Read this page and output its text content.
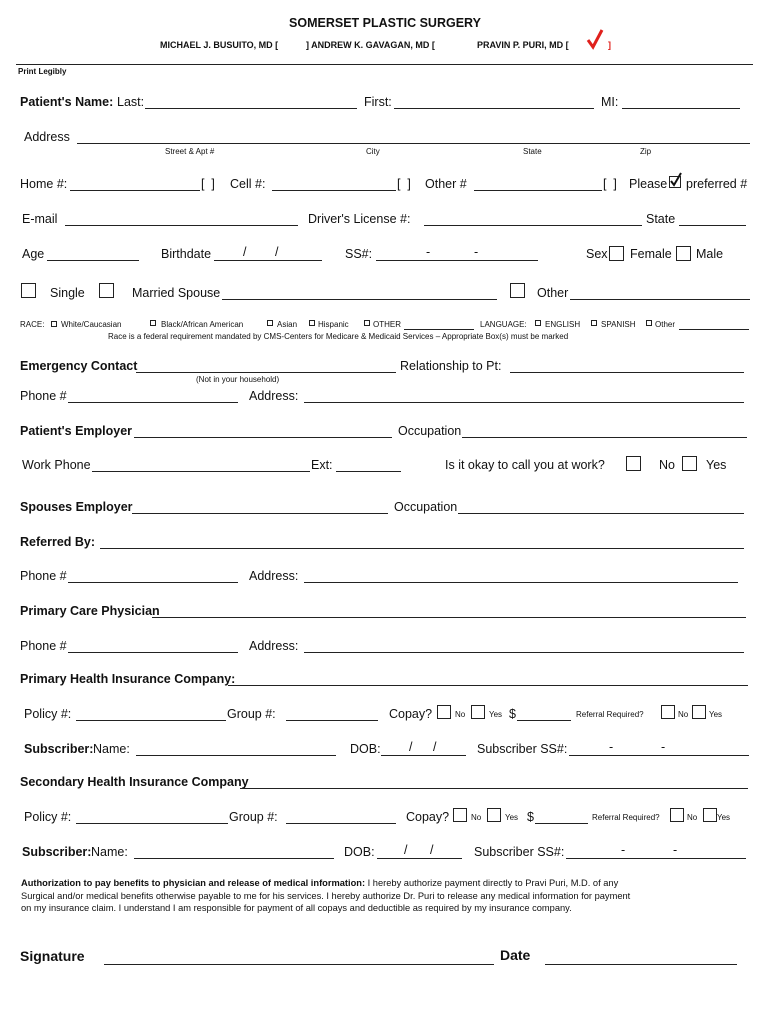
SOMERSET PLASTIC SURGERY
MICHAEL J. BUSUITO, MD [	] ANDREW K. GAVAGAN, MD [	PRAVIN P. PURI, MD [	]
Print Legibly
Patient's Name: Last:	First:	MI:
Address
Street & Apt #	City	State	Zip
Home #:	[  ] Cell #:	[  ] Other #	[  ] Please preferred #
E-mail	Driver's License #:	State
Age	Birthdate	/ /	SS#:	-	-	Sex Female Male
Single	Married Spouse	Other
RACE: White/Caucasian	Black/African American	Asian	Hispanic	OTHER	LANGUAGE: ENGLISH	SPANISH Other
Race is a federal requirement mandated by CMS-Centers for Medicare & Medicaid Services – Appropriate Box(s) must be marked
Emergency Contact	Relationship to Pt:
(Not in your household)
Phone #	Address:
Patient's Employer	Occupation
Work Phone	Ext:	Is it okay to call you at work?	No Yes
Spouses Employer	Occupation
Referred By:
Phone #	Address:
Primary Care Physician
Phone #	Address:
Primary Health Insurance Company:
Policy #:	Group #:	Copay?	No	Yes $	Referral Required?	No	Yes
Subscriber: Name:	DOB: / /	Subscriber SS#:	-	-
Secondary Health Insurance Company
Policy #:	Group #:	Copay?	No	Yes $	Referral Required?	No Yes
Subscriber: Name:	DOB: / /	Subscriber SS#:	-	-
Authorization to pay benefits to physician and release of medical information: I hereby authorize payment directly to Pravi Puri, M.D. of any
Surgical and/or medical benefits otherwise payable to me for his services. I hereby authorize Dr. Puri to release any medical information for payment
on my insurance claim. I understand I am responsible for payment of all copays and deductible as required by my insurance company.
Signature	Date
